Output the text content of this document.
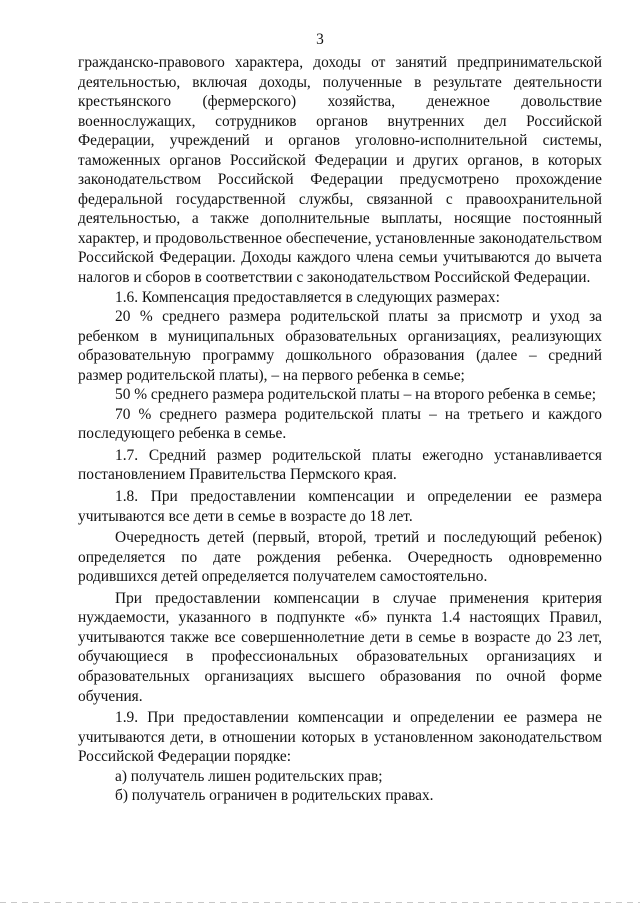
3

гражданско-правового характера, доходы от занятий предпринимательской деятельностью, включая доходы, полученные в результате деятельности крестьянского (фермерского) хозяйства, денежное довольствие военнослужащих, сотрудников органов внутренних дел Российской Федерации, учреждений и органов уголовно-исполнительной системы, таможенных органов Российской Федерации и других органов, в которых законодательством Российской Федерации предусмотрено прохождение федеральной государственной службы, связанной с правоохранительной деятельностью, а также дополнительные выплаты, носящие постоянный характер, и продовольственное обеспечение, установленные законодательством Российской Федерации. Доходы каждого члена семьи учитываются до вычета налогов и сборов в соответствии с законодательством Российской Федерации.

1.6. Компенсация предоставляется в следующих размерах:

20 % среднего размера родительской платы за присмотр и уход за ребенком в муниципальных образовательных организациях, реализующих образовательную программу дошкольного образования (далее – средний размер родительской платы), – на первого ребенка в семье;

50 % среднего размера родительской платы – на второго ребенка в семье;

70 % среднего размера родительской платы – на третьего и каждого последующего ребенка в семье.

1.7. Средний размер родительской платы ежегодно устанавливается постановлением Правительства Пермского края.

1.8. При предоставлении компенсации и определении ее размера учитываются все дети в семье в возрасте до 18 лет.

Очередность детей (первый, второй, третий и последующий ребенок) определяется по дате рождения ребенка. Очередность одновременно родившихся детей определяется получателем самостоятельно.

При предоставлении компенсации в случае применения критерия нуждаемости, указанного в подпункте «б» пункта 1.4 настоящих Правил, учитываются также все совершеннолетние дети в семье в возрасте до 23 лет, обучающиеся в профессиональных образовательных организациях и образовательных организациях высшего образования по очной форме обучения.

1.9. При предоставлении компенсации и определении ее размера не учитываются дети, в отношении которых в установленном законодательством Российской Федерации порядке:

а) получатель лишен родительских прав;

б) получатель ограничен в родительских правах.
